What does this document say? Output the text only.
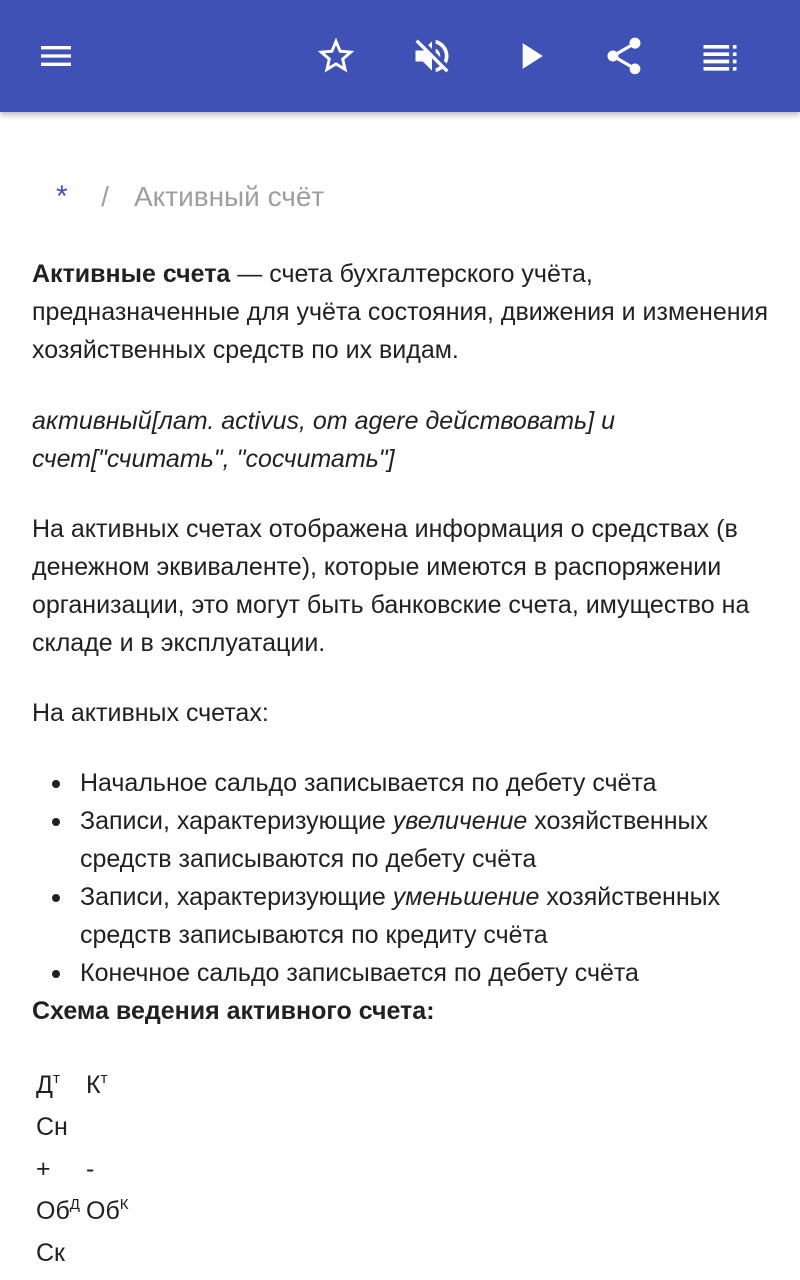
* / Активный счёт

Активные счета — счета бухгалтерского учёта, предназначенные для учёта состояния, движения и изменения хозяйственных средств по их видам.

активный[лат. activus, от agere действовать] и счет["считать", "сосчитать"]

На активных счетах отображена информация о средствах (в денежном эквиваленте), которые имеются в распоряжении организации, это могут быть банковские счета, имущество на складе и в эксплуатации.

На активных счетах:

Начальное сальдо записывается по дебету счёта
Записи, характеризующие увеличение хозяйственных средств записываются по дебету счёта
Записи, характеризующие уменьшение хозяйственных средств записываются по кредиту счёта
Конечное сальдо записывается по дебету счёта
Схема ведения активного счета:
$Д^т$ $К^т$
Сн
+ -
$Об^Д$ $Об^К$
Ск
